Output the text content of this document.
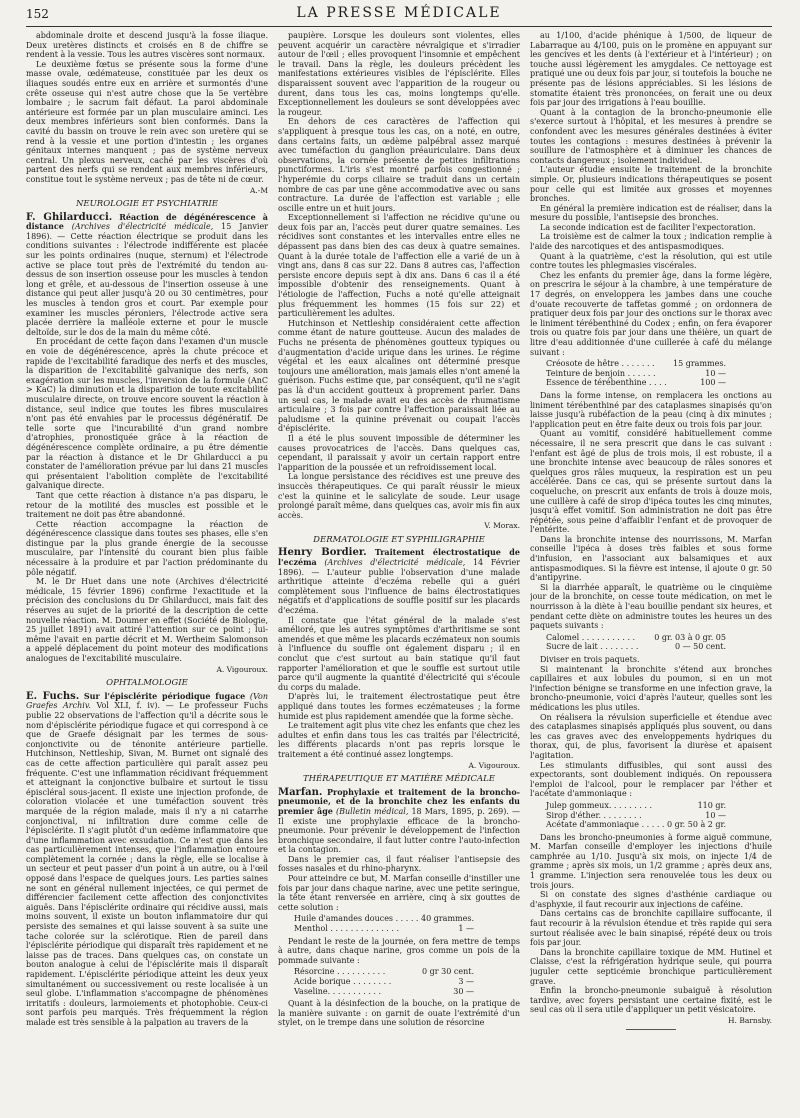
152	LA PRESSE MÉDICALE

abdominale droite et descend jusqu'à la fosse iliaque. Deux uretères distincts et croisés en 8 de chiffre se rendent à la vessie. Tous les autres viscères sont normaux.

Le deuxième fœtus se présente sous la forme d'une masse ovale, œdémateuse, constituée par les deux os iliaques soudés entre eux en arrière et surmontés d'une crête osseuse qui n'est autre chose que la 5e vertèbre lombaire ; le sacrum fait défaut. La paroi abdominale antérieure est formée par un plan musculaire aminci. Les deux membres inférieurs sont bien conformés. Dans la cavité du bassin on trouve le rein avec son uretère qui se rend à la vessie et une portion d'intestin ; les organes génitaux internes manquent ; pas de système nerveux central. Un plexus nerveux, caché par les viscères d'où partent des nerfs qui se rendent aux membres inférieurs, constitue tout le système nerveux ; pas de tête ni de cœur.

A.-M

NEUROLOGIE ET PSYCHIATRIE

F. Ghilarducci. Réaction de dégénérescence à distance (Archives d'électricité médicale, 15 Janvier 1896). — Cette réaction électrique se produit dans les conditions suivantes : l'électrode indifférente est placée sur les points ordinaires (nuque, sternum) et l'électrode active se place tout près de l'extrémité du tendon au-dessus de son insertion osseuse pour les muscles à tendon long et grêle, et au-dessous de l'insertion osseuse à une distance qui peut aller jusqu'à 20 ou 30 centimètres, pour les muscles à tendon gros et court. Par exemple pour examiner les muscles péroniers, l'électrode active sera placée derrière la malléole externe et pour le muscle deltoïde, sur le dos de la main du même côté.

En procédant de cette façon dans l'examen d'un muscle en voie de dégénérescence, après la chute précoce et rapide de l'excitabilité faradique des nerfs et des muscles, la disparition de l'excitabilité galvanique des nerfs, son exagération sur les muscles, l'inversion de la formule (AnC > KaC) la diminution et la disparition de toute excitabilité musculaire directe, on trouve encore souvent la réaction à distance, seul indice que toutes les fibres musculaires n'ont pas été envahies par le processus dégénératif. De telle sorte que l'incurabilité d'un grand nombre d'atrophies, pronostiquée grâce à la réaction de dégénérescence complète ordinaire, a pu être démentie par la réaction à distance et le Dr Ghilarducci a pu constater de l'amélioration prévue par lui dans 21 muscles qui présentaient l'abolition complète de l'excitabilité galvanique directe.

Tant que cette réaction à distance n'a pas disparu, le retour de la motilité des muscles est possible et le traitement ne doit pas être abandonné.

Cette réaction accompagne la réaction de dégénérescence classique dans toutes ses phases, elle s'en distingue par la plus grande énergie de la secousse musculaire, par l'intensité du courant bien plus faible nécessaire à la produire et par l'action prédominante du pôle négatif.

M. le Dr Huet dans une note (Archives d'électricité médicale, 15 février 1896) confirme l'exactitude et la précision des conclusions du Dr Ghilarducci, mais fait des réserves au sujet de la priorité de la description de cette nouvelle réaction. M. Doumer en effet (Société de Biologie, 25 juillet 1891) avait attiré l'attention sur ce point ; lui-même l'avait en partie décrit et M. Wertheim Salomonson a appelé déplacement du point moteur des modifications analogues de l'excitabilité musculaire.

A. Vigouroux.

OPHTALMOLOGIE

E. Fuchs. Sur l'épisclérite périodique fugace (Von Graefes Archiv. Vol XLI, f. iv). — Le professeur Fuchs publie 22 observations de l'affection qu'il a décrite sous le nom d'épisclérite périodique fugace et qui correspond à ce que de Graefe désignait par les termes de sous-conjonctivite ou de ténonite antérieure partielle. Hutchinson, Nettleship, Sivan, M. Burnet ont signalé des cas de cette affection particulière qui paraît assez peu fréquente. C'est une inflammation récidivant fréquemment et atteignant la conjonctive bulbaire et surtout le tissu épiscléral sous-jacent. Il existe une injection profonde, de coloration violacée et une tuméfaction souvent très marquée de la région malade, mais il n'y a ni catarrhe conjonctival, ni infiltration dure comme celle de l'épisclérite. Il s'agit plutôt d'un œdème inflammatoire que d'une inflammation avec exsudation. Ce n'est que dans les cas particulièrement intenses, que l'inflammation entoure complètement la cornée ; dans la règle, elle se localise à un secteur et peut passer d'un point à un autre, ou à l'œil opposé dans l'espace de quelques jours. Les parties saines ne sont en général nullement injectées, ce qui permet de différencier facilement cette affection des conjonctivites aiguës. Dans l'épisclérite ordinaire qui récidive aussi, mais moins souvent, il existe un bouton inflammatoire dur qui persiste des semaines et qui laisse souvent à sa suite une tache colorée sur la sclérotique. Rien de pareil dans l'épisclérite périodique qui disparaît très rapidement et ne laisse pas de traces. Dans quelques cas, on constate un bouton analogue à celui de l'épisclérite mais il disparaît rapidement. L'épisclérite périodique atteint les deux yeux simultanément ou successivement ou reste localisée à un seul globe. L'inflammation s'accompagne de phénomènes irritatifs : douleurs, larmoiements et photophobie. Ceux-ci sont parfois peu marqués. Très fréquemment la région malade est très sensible à la palpation au travers de la

paupière. Lorsque les douleurs sont violentes, elles peuvent acquérir un caractère névralgique et s'irradier autour de l'œil ; elles provoquent l'insomnie et empêchent le travail. Dans la règle, les douleurs précèdent les manifestations extérieures visibles de l'épisclérite. Elles disparaissent souvent avec l'apparition de la rougeur ou durent, dans tous les cas, moins longtemps qu'elle. Exceptionnellement les douleurs se sont développées avec la rougeur.

En dehors de ces caractères de l'affection qui s'appliquent à presque tous les cas, on a noté, en outre, dans certains faits, un œdème palpébral assez marqué avec tuméfaction du ganglion préauriculaire. Dans deux observations, la cornée présente de petites infiltrations punctiformes. L'iris s'est montré parfois congestionné ; l'hyperémie du corps ciliaire se traduit dans un certain nombre de cas par une gêne accommodative avec ou sans contracture. La durée de l'affection est variable ; elle oscille entre un et huit jours.

Exceptionnellement si l'affection ne récidive qu'une ou deux fois par an, l'accès peut durer quatre semaines. Les récidives sont constantes et les intervalles entre elles ne dépassent pas dans bien des cas deux à quatre semaines. Quant à la durée totale de l'affection elle a varié de un à vingt ans, dans 8 cas sur 22. Dans 8 autres cas, l'affection persiste encore depuis sept à dix ans. Dans 6 cas il a été impossible d'obtenir des renseignements. Quant à l'étiologie de l'affection, Fuchs a noté qu'elle atteignait plus fréquemment les hommes (15 fois sur 22) et particulièrement les adultes.

Hutchinson et Nettleship considéraient cette affection comme étant de nature goutteuse. Aucun des malades de Fuchs ne présenta de phénomènes goutteux typiques ou d'augmentation d'acide urique dans les urines. Le régime végétal et les eaux alcalines ont déterminé presque toujours une amélioration, mais jamais elles n'ont amené la guérison. Fuchs estime que, par conséquent, qu'il ne s'agit pas là d'un accident goutteux à proprement parler. Dans un seul cas, le malade avait eu des accès de rhumatisme articulaire ; 3 fois par contre l'affection paraissait liée au paludisme et la quinine prévenait ou coupait l'accès d'épisclérite.

Il a été le plus souvent impossible de déterminer les causes provocatrices de l'accès. Dans quelques cas, cependant, il paraissait y avoir un certain rapport entre l'apparition de la poussée et un refroidissement local.

La longue persistance des récidives est une preuve des insuccès thérapeutiques. Ce qui paraît réussir le mieux c'est la quinine et le salicylate de soude. Leur usage prolongé paraît même, dans quelques cas, avoir mis fin aux accès.

V. Morax.

DERMATOLOGIE ET SYPHILIGRAPHIE

Henry Bordier. Traitement électrostatique de l'eczéma (Archives d'électricité médicale, 14 Février 1896). — L'auteur publie l'observation d'une malade arthritique atteinte d'eczéma rebelle qui a guéri complètement sous l'influence de bains électrostatiques négatifs et d'applications de souffle positif sur les placards d'eczéma.

Il constate que l'état général de la malade s'est amélioré, que les autres symptômes d'arthritisme se sont amendés et que même les placards eczémateux non soumis à l'influence du souffle ont également disparu ; il en conclut que c'est surtout au bain statique qu'il faut rapporter l'amélioration et que le souffle est surtout utile parce qu'il augmente la quantité d'électricité qui s'écoule du corps du malade.

D'après lui, le traitement électrostatique peut être appliqué dans toutes les formes eczémateuses ; la forme humide est plus rapidement amendée que la forme sèche.

Le traitement agit plus vite chez les enfants que chez les adultes et enfin dans tous les cas traités par l'électricité, les différents placards n'ont pas repris lorsque le traitement a été continué assez longtemps.

A. Vigouroux.

THÉRAPEUTIQUE ET MATIÈRE MÉDICALE

Marfan. Prophylaxie et traitement de la broncho-pneumonie, et de la bronchite chez les enfants du premier âge (Bulletin médical, 18 Mars, 1895, p. 269). — Il existe une prophylaxie efficace de la broncho-pneumonie. Pour prévenir le développement de l'infection bronchique secondaire, il faut lutter contre l'auto-infection et la contagion.

Dans le premier cas, il faut réaliser l'antisepsie des fosses nasales et du rhino-pharynx.

Pour atteindre ce but, M. Marfan conseille d'instiller une fois par jour dans chaque narine, avec une petite seringue, la tête étant renversée en arrière, cinq à six gouttes de cette solution :

Huile d'amandes douces . . . . . 40 grammes.
Menthol . . . . . . . . . . . . . .	1 —

Pendant le reste de la journée, on fera mettre de temps à autre, dans chaque narine, gros comme un pois de la pommade suivante :

Résorcine . . . . . . . . . .	0 gr 30 cent.
Acide borique . . . . . . . .	3 —
Vaseline. . . . . . . . . . .	30 —

Quant à la désinfection de la bouche, on la pratique de la manière suivante : on garnit de ouate l'extrémité d'un stylet, on le trempe dans une solution de résorcine

au 1/100, d'acide phénique à 1/500, de liqueur de Labarraque au 4/100, puis on le promène en appuyant sur les gencives et les dents (à l'extérieur et à l'intérieur) ; on touche aussi légèrement les amygdales. Ce nettoyage est pratiqué une ou deux fois par jour, si toutefois la bouche ne présente pas de lésions appréciables. Si les lésions de stomatite étaient très prononcées, on ferait une ou deux fois par jour des irrigations à l'eau bouillie.

Quant à la contagion de la broncho-pneumonie elle s'exerce surtout à l'hôpital, et les mesures à prendre se confondent avec les mesures générales destinées à éviter toutes les contagions : mesures destinées à prévenir la souillure de l'atmosphère et à diminuer les chances de contacts dangereux ; isolement individuel.

L'auteur étudie ensuite le traitement de la bronchite simple. Or, plusieurs indications thérapeutiques se posent pour celle qui est limitée aux grosses et moyennes bronches.

En général la première indication est de réaliser, dans la mesure du possible, l'antisepsie des bronches.

La seconde indication est de faciliter l'expectoration.

La troisième est de calmer la toux ; indication remplie à l'aide des narcotiques et des antispasmodiques.

Quant à la quatrième, c'est la résolution, qui est utile contre toutes les phlegmasies viscérales.

Chez les enfants du premier âge, dans la forme légère, on prescrira le séjour à la chambre, à une température de 17 degrés, on enveloppera les jambes dans une couche d'ouate recouverte de taffetas gommé ; on ordonnera de pratiquer deux fois par jour des onctions sur le thorax avec le liniment térébenthiné du Codex ; enfin, on fera évaporer trois ou quatre fois par jour dans une théière, un quart de litre d'eau additionnée d'une cuillerée à café du mélange suivant :

Créosote de hêtre . . . . . . . 15 grammes.
Teinture de benjoin . . . . . .	10 —
Essence de térébenthine . . . .	100 —

Dans la forme intense, on remplacera les onctions au liniment térébenthiné par des cataplasmes sinapisés qu'on laisse jusqu'à rubéfaction de la peau (cinq à dix minutes ; l'application peut en être faite deux ou trois fois par jour.

Quant au vomitif, considéré habituellement comme nécessaire, il ne sera prescrit que dans le cas suivant : l'enfant est âgé de plus de trois mois, il est robuste, il a une bronchite intense avec beaucoup de râles sonores et quelques gros râles muqueux, la respiration est un peu accélérée. Dans ce cas, qui se présente surtout dans la coqueluche, on prescrit aux enfants de trois à douze mois, une cuillère à café de sirop d'ipéca toutes les cinq minutes, jusqu'à effet vomitif. Son administration ne doit pas être répétée, sous peine d'affaiblir l'enfant et de provoquer de l'entérite.

Dans la bronchite intense des nourrissons, M. Marfan conseille l'ipéca à doses très faibles et sous forme d'infusion, en l'associant aux balsamiques et aux antispasmodiques. Si la fièvre est intense, il ajoute 0 gr. 50 d'antipyrine.

Si la diarrhée apparaît, le quatrième ou le cinquième jour de la bronchite, on cesse toute médication, on met le nourrisson à la diète à l'eau bouillie pendant six heures, et pendant cette diète on administre toutes les heures un des paquets suivants :

Calomel . . . . . . . . . . . 0 gr. 03 à 0 gr. 05
Sucre de lait . . . . . . . .	0 — 50 cent.

Diviser en trois paquets.

Si maintenant la bronchite s'étend aux bronches capillaires et aux lobules du poumon, si en un mot l'infection bénigne se transforme en une infection grave, la broncho-pneumonie, voici d'après l'auteur, quelles sont les médications les plus utiles.

On réalisera la révulsion superficielle et étendue avec des cataplasmes sinapisés appliqués plus souvent, ou dans les cas graves avec des enveloppements hydriques du thorax, qui, de plus, favorisent la diurèse et apaisent l'agitation.

Les stimulants diffusibles, qui sont aussi des expectorants, sont doublement indiqués. On repoussera l'emploi de l'alcool, pour le remplacer par l'éther et l'acétate d'ammoniaque :

Julep gommeux. . . . . . . . .	110 gr.
Sirop d'éther. . . . . . . . .	10 —
Acétate d'ammoniaque . . . . . 0 gr. 50 à 2 gr.

Dans les broncho-pneumonies à forme aiguë commune, M. Marfan conseille d'employer les injections d'huile camphrée au 1/10. Jusqu'à six mois, on injecte 1/4 de gramme ; après six mois, un 1/2 gramme ; après deux ans, 1 gramme. L'injection sera renouvelée tous les deux ou trois jours.

Si on constate des signes d'asthénie cardiaque ou d'asphyxie, il faut recourir aux injections de caféine.

Dans certains cas de bronchite capillaire suffocante, il faut recourir à la révulsion étendue et très rapide qui sera surtout réalisée avec le bain sinapisé, répété deux ou trois fois par jour.

Dans la bronchite capillaire toxique de MM. Hutinel et Claisse, c'est la réfrigération hydrique seule, qui pourra juguler cette septicémie bronchique particulièrement grave.

Enfin la broncho-pneumonie subaiguë à résolution tardive, avec foyers persistant une certaine fixité, est le seul cas où il sera utile d'appliquer un petit vésicatoire.

H. Barnsby.
